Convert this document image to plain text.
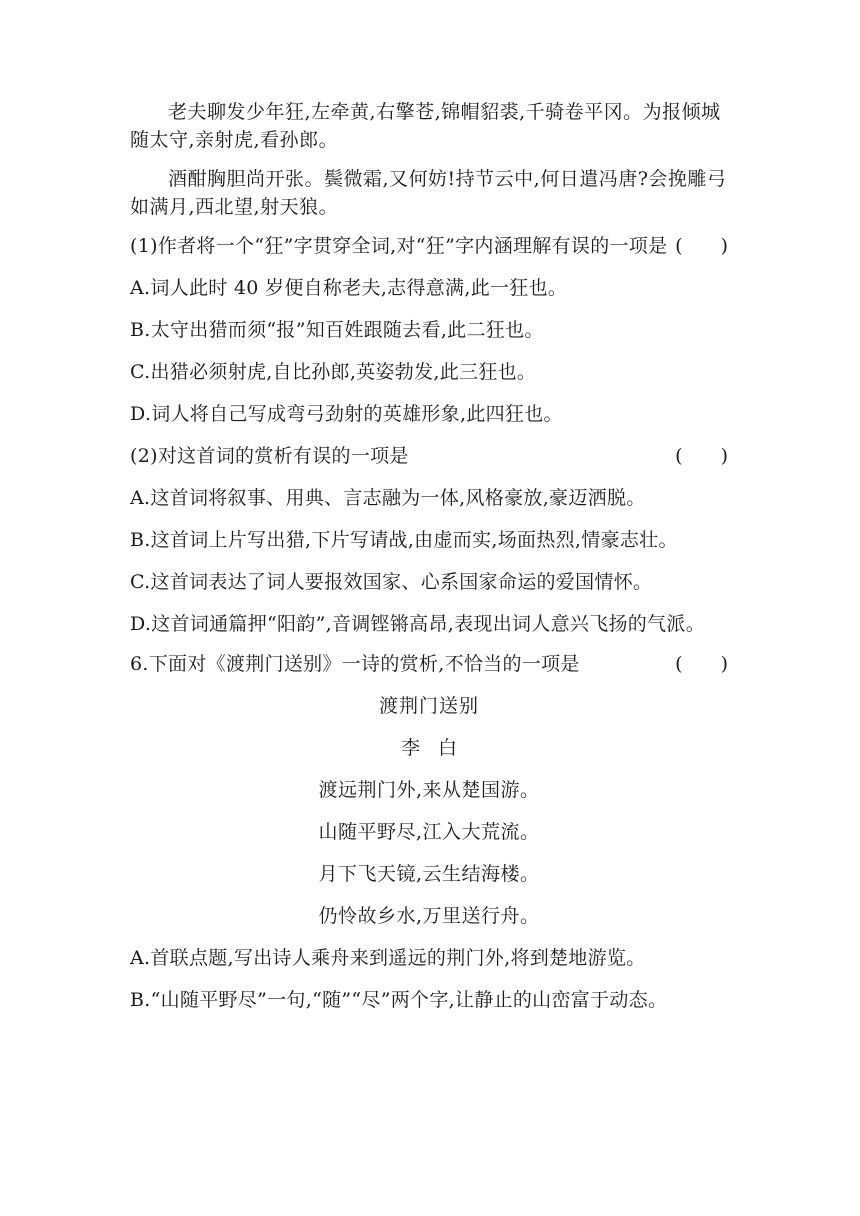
老夫聊发少年狂,左牵黄,右擎苍,锦帽貂裘,千骑卷平冈。为报倾城随太守,亲射虎,看孙郎。

酒酣胸胆尚开张。鬓微霜,又何妨!持节云中,何日遣冯唐?会挽雕弓如满月,西北望,射天狼。

(1)作者将一个“狂”字贯穿全词,对“狂”字内涵理解有误的一项是 (　　)

A.词人此时 40 岁便自称老夫,志得意满,此一狂也。

B.太守出猎而须“报”知百姓跟随去看,此二狂也。

C.出猎必须射虎,自比孙郎,英姿勃发,此三狂也。

D.词人将自己写成弯弓劲射的英雄形象,此四狂也。

(2)对这首词的赏析有误的一项是	(　　)

A.这首词将叙事、用典、言志融为一体,风格豪放,豪迈洒脱。

B.这首词上片写出猎,下片写请战,由虚而实,场面热烈,情豪志壮。

C.这首词表达了词人要报效国家、心系国家命运的爱国情怀。

D.这首词通篇押“阳韵”,音调铿锵高昂,表现出词人意兴飞扬的气派。

6.下面对《渡荆门送别》一诗的赏析,不恰当的一项是	(　　)
渡荆门送别
李白
渡远荆门外,来从楚国游。
山随平野尽,江入大荒流。
月下飞天镜,云生结海楼。
仍怜故乡水,万里送行舟。

A.首联点题,写出诗人乘舟来到遥远的荆门外,将到楚地游览。

B.“山随平野尽”一句,“随”“尽”两个字,让静止的山峦富于动态。
